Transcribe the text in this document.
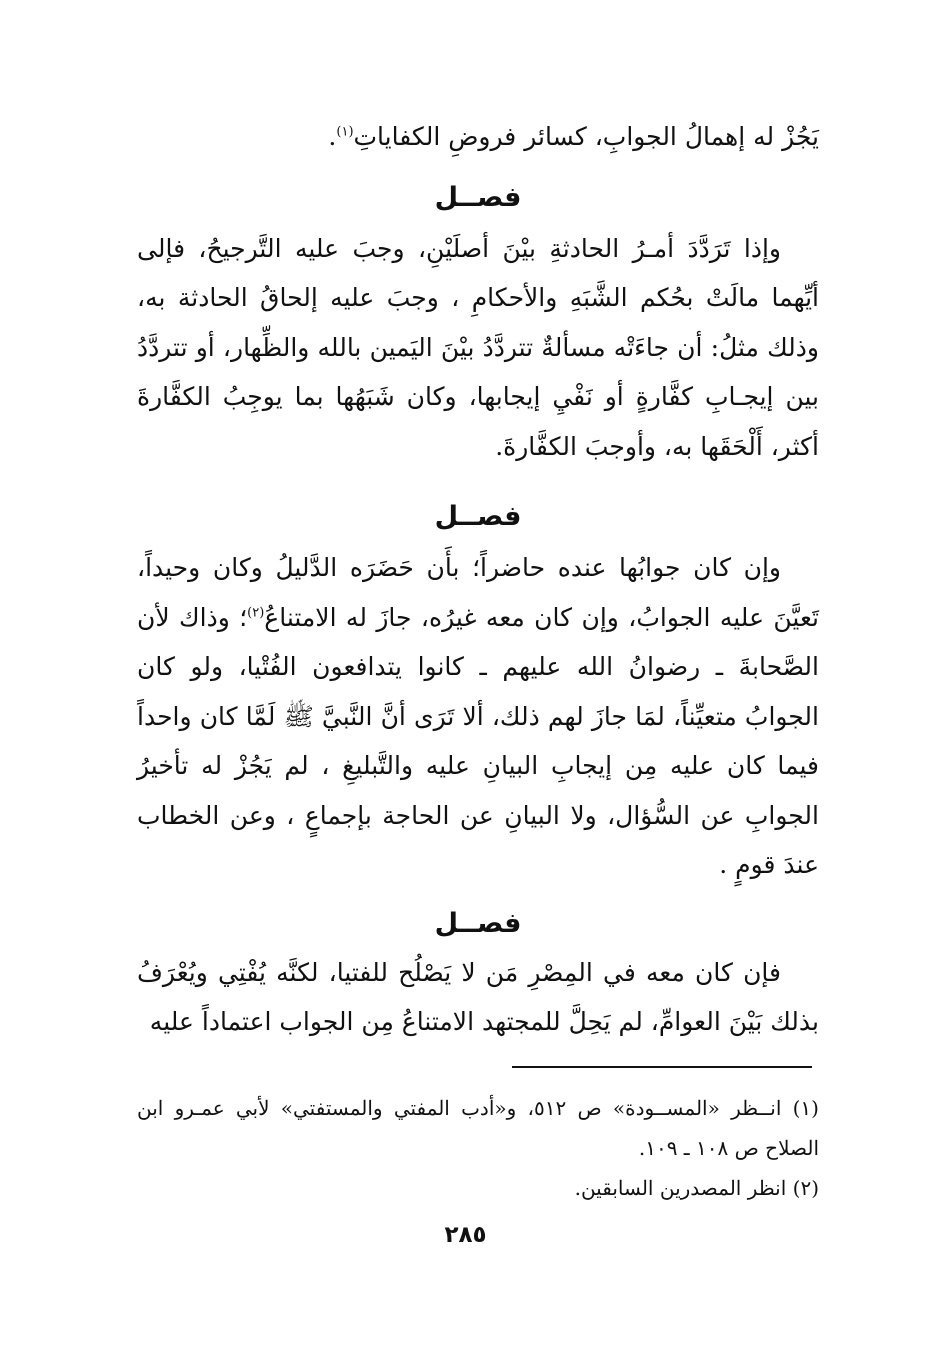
يَجُزْ له إهمالُ الجوابِ، كسائر فروضِ الكفاياتِ$^{(١)}$.

فصــل

وإذا تَرَدَّدَ أمـرُ الحادثةِ بيْنَ أصلَيْنِ، وجبَ عليه التَّرجيحُ، فإلى أيِّهما مالَتْ بحُكم الشَّبَهِ والأحكامِ ، وجبَ عليه إلحاقُ الحادثة به، وذلك مثلُ: أن جاءَتْه مسألةٌ تتردَّدُ بيْنَ اليَمين بالله والظِّهار، أو تتردَّدُ بين إيجـابِ كفَّارةٍ أو نَفْيِ إيجابها، وكان شَبَهُها بما يوجِبُ الكفَّارةَ أكثر، أَلْحَقَها به، وأوجبَ الكفَّارةَ.

فصــل

وإن كان جوابُها عنده حاضراً؛ بأَن حَضَرَه الدَّليلُ وكان وحيداً، تَعيَّنَ عليه الجوابُ، وإن كان معه غيرُه، جازَ له الامتناعُ$^{(٢)}$؛ وذاك لأن الصَّحابةَ ـ رضوانُ الله عليهم ـ كانوا يتدافعون الفُتْيا، ولو كان الجوابُ متعيِّناً، لمَا جازَ لهم ذلك، ألا تَرَى أنَّ النَّبيَّ ﷺ لَمَّا كان واحداً فيما كان عليه مِن إيجابِ البيانِ عليه والتَّبليغِ ، لم يَجُزْ له تأخيرُ الجوابِ عن السُّؤال، ولا البيانِ عن الحاجة بإجماعٍ ، وعن الخطاب عندَ قومٍ .

فصــل

فإن كان معه في المِصْرِ مَن لا يَصْلُح للفتيا، لكنَّه يُفْتِي ويُعْرَفُ بذلك بَيْنَ العوامِّ، لم يَحِلَّ للمجتهد الامتناعُ مِن الجواب اعتماداً عليه

(١) انــظر «المســودة» ص ٥١٢، و«أدب المفتي والمستفتي» لأبي عمـرو ابن الصلاح ص ١٠٨ ـ ١٠٩.

(٢) انظر المصدرين السابقين.

٢٨٥
